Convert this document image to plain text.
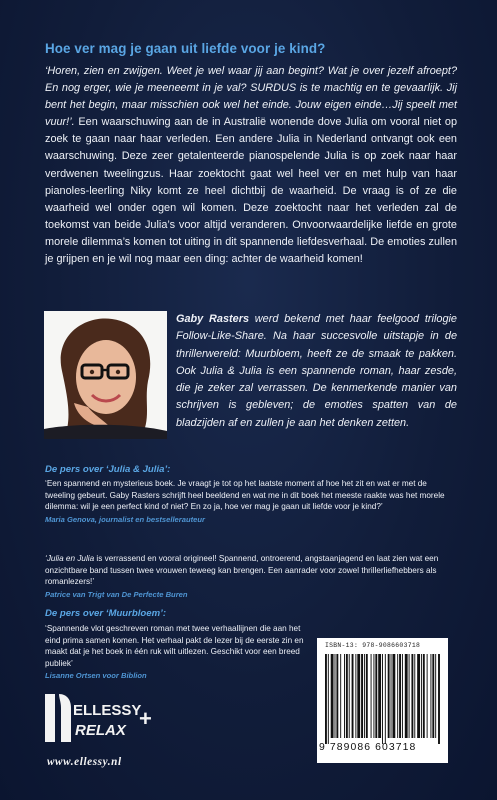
Hoe ver mag je gaan uit liefde voor je kind?
‘Horen, zien en zwijgen. Weet je wel waar jij aan begint? Wat je over jezelf afroept? En nog erger, wie je meeneemt in je val? SURDUS is te machtig en te gevaarlijk. Jij bent het begin, maar misschien ook wel het einde. Jouw eigen einde…Jij speelt met vuur!’. Een waarschuwing aan de in Australië wonende dove Julia om vooral niet op zoek te gaan naar haar verleden. Een andere Julia in Nederland ontvangt ook een waarschuwing. Deze zeer getalenteerde pianospelende Julia is op zoek naar haar verdwenen tweelingzus. Haar zoektocht gaat wel heel ver en met hulp van haar pianoles-leerling Niky komt ze heel dichtbij de waarheid. De vraag is of ze die waarheid wel onder ogen wil komen. Deze zoektocht naar het verleden zal de toekomst van beide Julia’s voor altijd veranderen. Onvoorwaardelijke liefde en grote morele dilemma’s komen tot uiting in dit spannende liefdesverhaal. De emoties zullen je grijpen en je wil nog maar een ding: achter de waarheid komen!
Gaby Rasters werd bekend met haar feelgood trilogie Follow-Like-Share. Na haar succesvolle uitstapje in de thrillerwereld: Muurbloem, heeft ze de smaak te pakken. Ook Julia & Julia is een spannende roman, haar zesde, die je zeker zal verrassen. De kenmerkende manier van schrijven is gebleven; de emoties spatten van de bladzijden af en zullen je aan het denken zetten.
De pers over ‘Julia & Julia’:
‘Een spannend en mysterieus boek. Je vraagt je tot op het laatste moment af hoe het zit en wat er met de tweeling gebeurt. Gaby Rasters schrijft heel beeldend en wat me in dit boek het meeste raakte was het morele dilemma: wil je een perfect kind of niet? En zo ja, hoe ver mag je gaan uit liefde voor je kind?’
Maria Genova, journalist en bestsellerauteur
‘Julia en Julia is verrassend en vooral origineel! Spannend, ontroerend, angstaanjagend en laat zien wat een onzichtbare band tussen twee vrouwen teweeg kan brengen. Een aanrader voor zowel thrillerliefhebbers als romanlezers!’
Patrice van Trigt van De Perfecte Buren
De pers over ‘Muurbloem’:
‘Spannende vlot geschreven roman met twee verhaallijnen die aan het eind prima samen komen. Het verhaal pakt de lezer bij de eerste zin en maakt dat je het boek in één ruk wilt uitlezen. Geschikt voor een breed publiek’
Lisanne Ortsen voor Biblion
ELLESSY
RELAX +
www.ellessy.nl
ISBN-13: 978-9086603718
9 789086 603718
